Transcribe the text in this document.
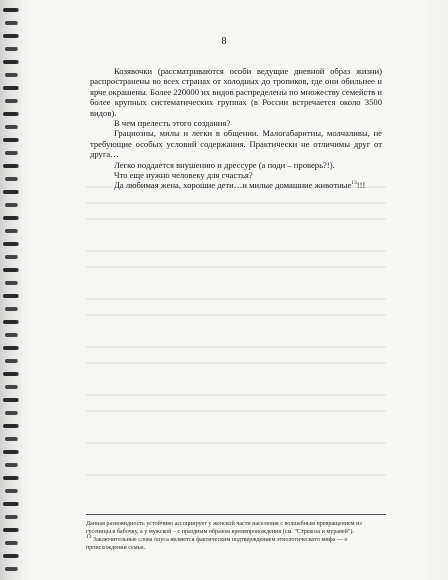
8

Козявочки (рассматриваются особи ведущие дневной образ жизни) распространены во всех странах от холодных до тропиков, где они обильнее и ярче окрашены. Более 220000 их видов распределены по множеству семейств и более крупных систематических группах (в России встречается около 3500 видов).

В чем прелесть этого создания?

Грациозны, милы и легки в общении. Малогабаритны, молчаливы, не требующие особых условий содержания. Практически не отличимы друг от друга…

Легко поддается внушению и дрессуре (а поди – проверь?!).

Что еще нужно человеку для счастья?

Да любимая жена, хорошие дети…и милые домашние животные$^{13}$!!!

Данная разновидность устойчиво ассоциирует у женской части населения с волшебным превращением из гусеницы в бабочку, а у мужской – с праздным образом времяпровождения (см. "Стрекоза и муравей").

$^{13}$ Заключительные слова опуса являются фактическим подтверждением этнологического мифа — о происхождении семьи.
